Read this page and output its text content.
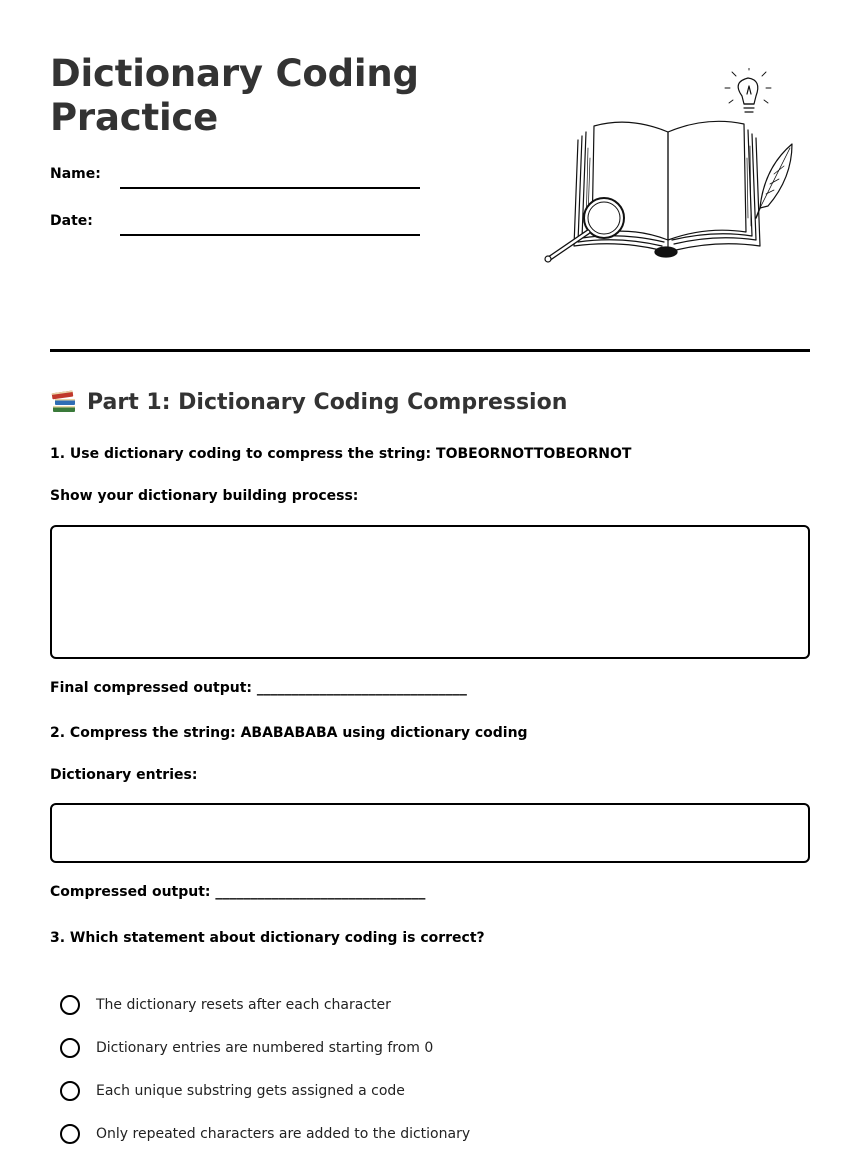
Dictionary Coding Practice
Name:
Date:
Part 1: Dictionary Coding Compression
1. Use dictionary coding to compress the string: TOBEORNOTTOBEORNOT
Show your dictionary building process:
Final compressed output: ______________________________
2. Compress the string: ABABABABA using dictionary coding
Dictionary entries:
Compressed output: ______________________________
3. Which statement about dictionary coding is correct?
The dictionary resets after each character
Dictionary entries are numbered starting from 0
Each unique substring gets assigned a code
Only repeated characters are added to the dictionary
